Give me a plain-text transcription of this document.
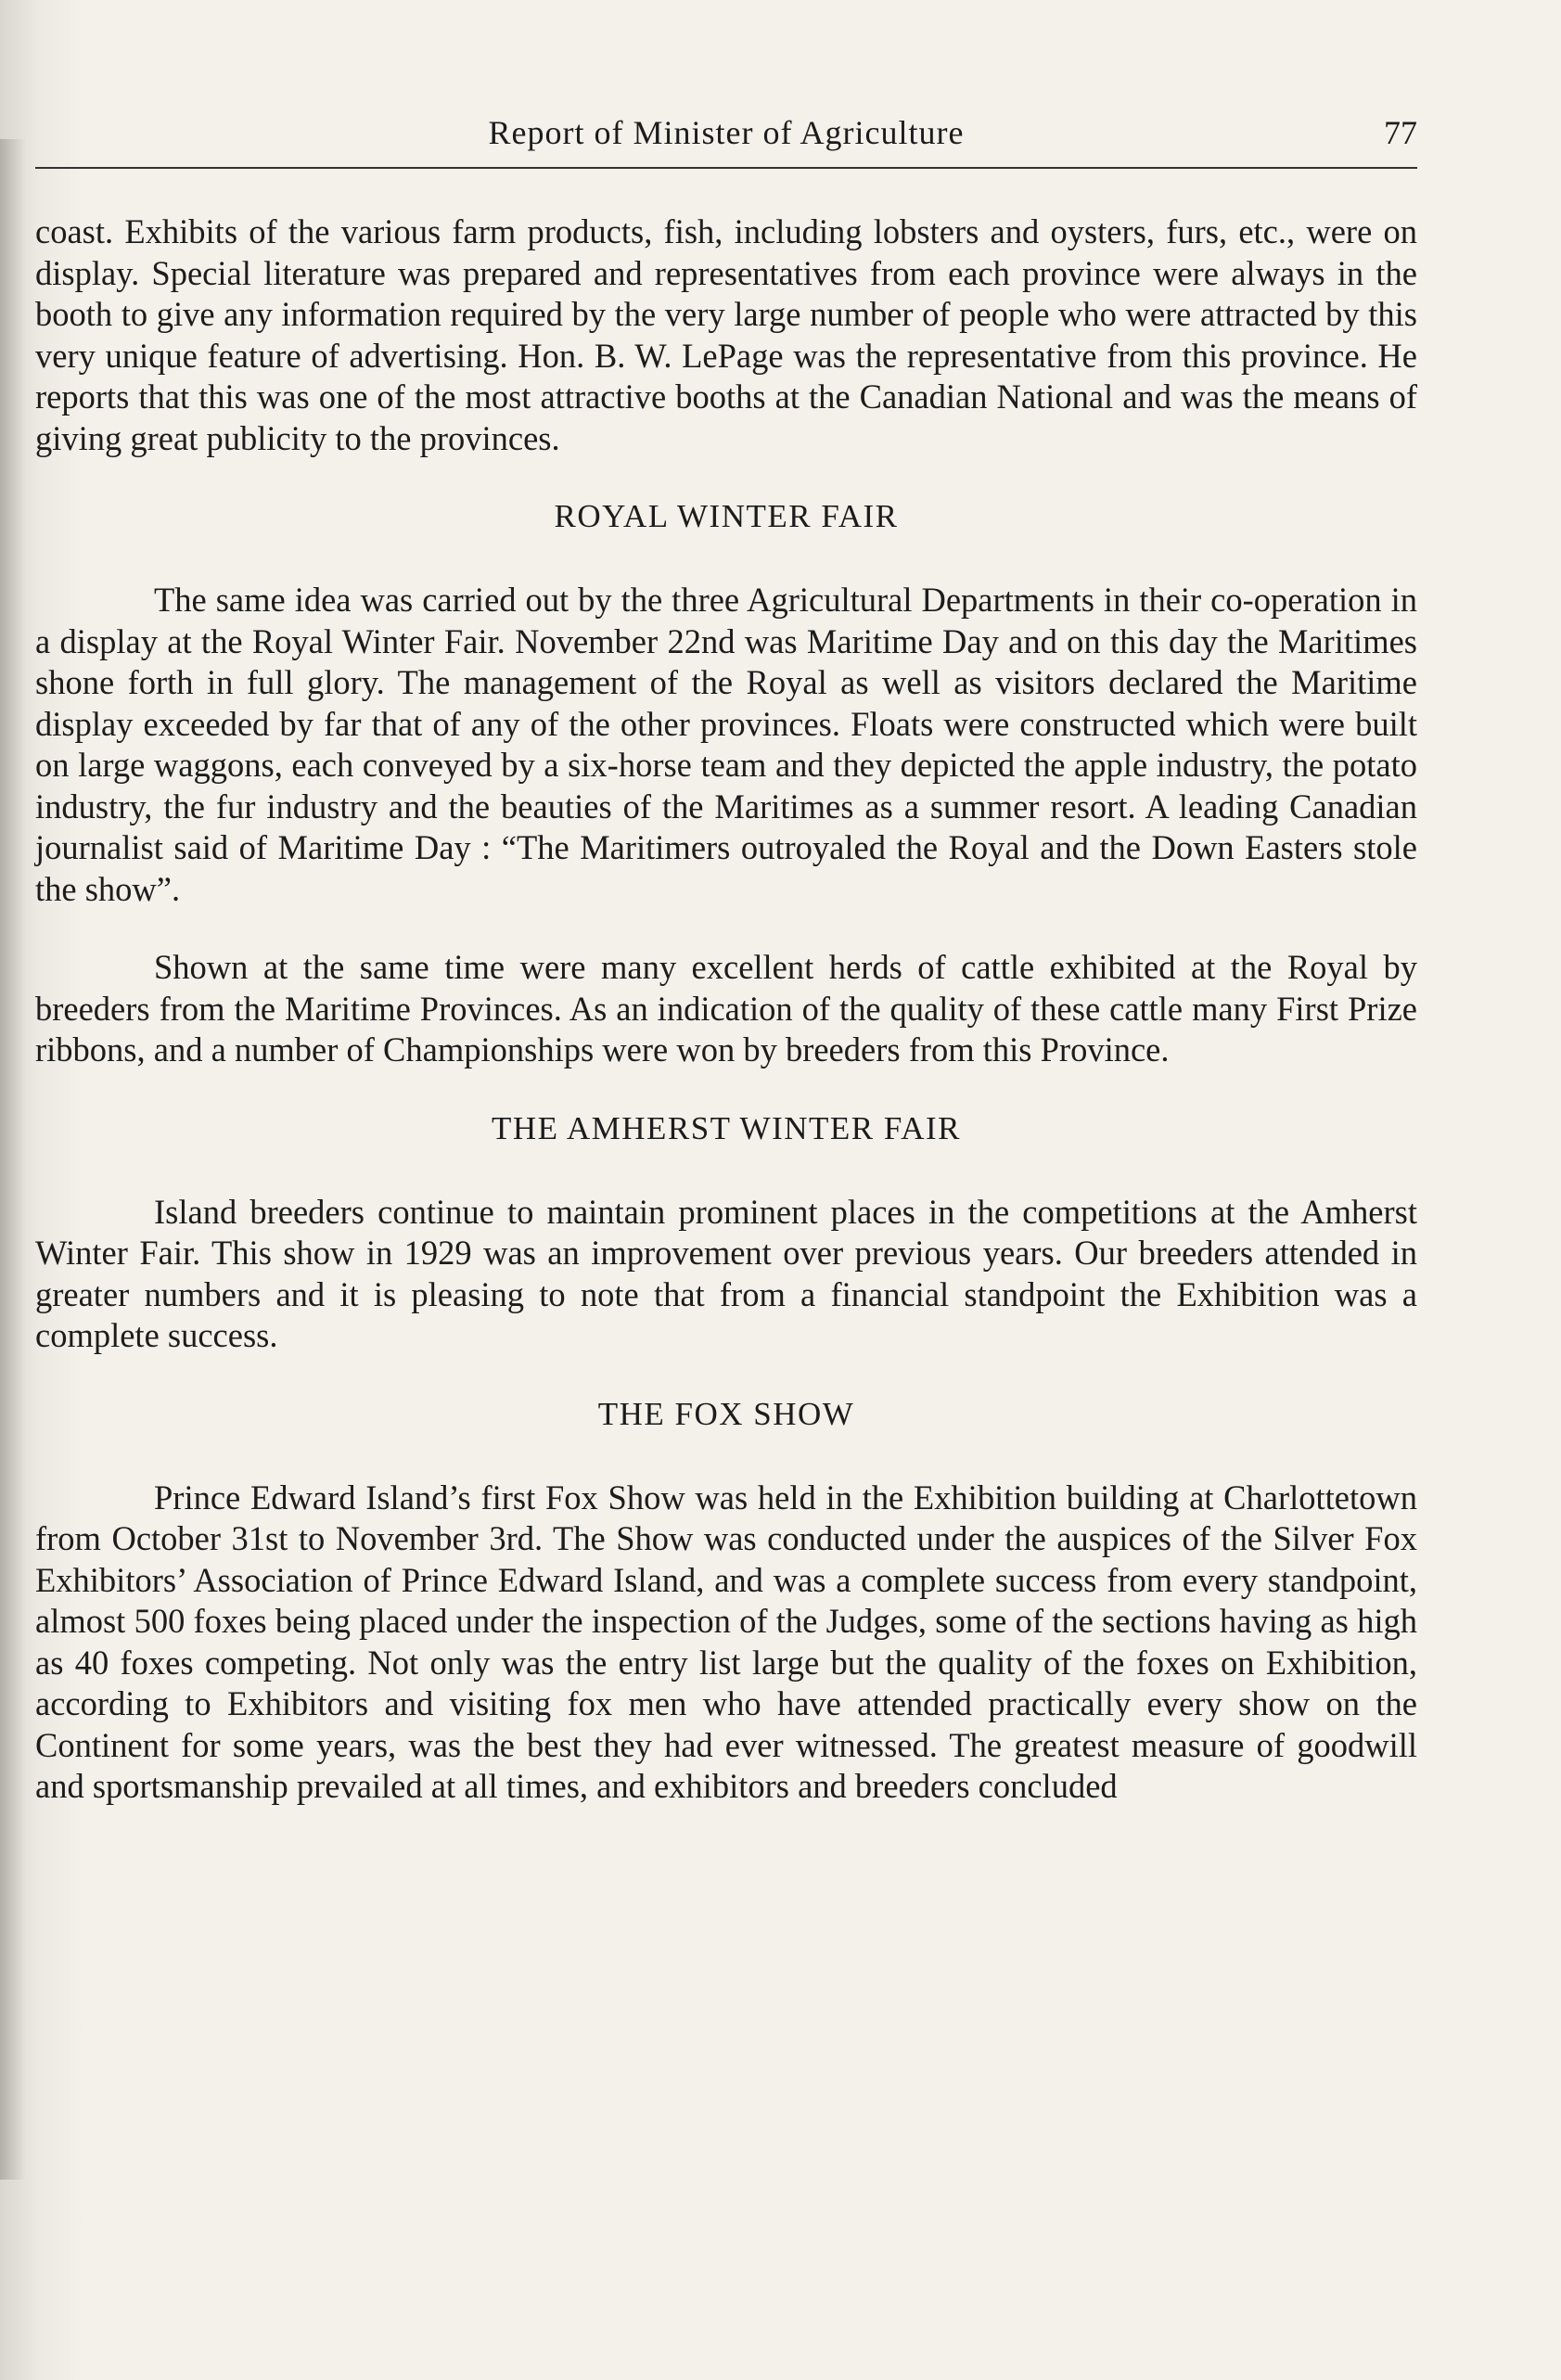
Report of Minister of Agriculture	77

coast. Exhibits of the various farm products, fish, including lobsters and oysters, furs, etc., were on display. Special literature was prepared and representatives from each province were always in the booth to give any information required by the very large number of people who were attracted by this very unique feature of advertising. Hon. B. W. LePage was the representative from this province. He reports that this was one of the most attractive booths at the Canadian National and was the means of giving great publicity to the provinces.

ROYAL WINTER FAIR

The same idea was carried out by the three Agricultural Departments in their co-operation in a display at the Royal Winter Fair. November 22nd was Maritime Day and on this day the Maritimes shone forth in full glory. The management of the Royal as well as visitors declared the Maritime display exceeded by far that of any of the other provinces. Floats were constructed which were built on large waggons, each conveyed by a six-horse team and they depicted the apple industry, the potato industry, the fur industry and the beauties of the Maritimes as a summer resort. A leading Canadian journalist said of Maritime Day : “The Maritimers outroyaled the Royal and the Down Easters stole the show”.

Shown at the same time were many excellent herds of cattle exhibited at the Royal by breeders from the Maritime Provinces. As an indication of the quality of these cattle many First Prize ribbons, and a number of Championships were won by breeders from this Province.

THE AMHERST WINTER FAIR

Island breeders continue to maintain prominent places in the competitions at the Amherst Winter Fair. This show in 1929 was an improvement over previous years. Our breeders attended in greater numbers and it is pleasing to note that from a financial standpoint the Exhibition was a complete success.

THE FOX SHOW

Prince Edward Island’s first Fox Show was held in the Exhibition building at Charlottetown from October 31st to November 3rd. The Show was conducted under the auspices of the Silver Fox Exhibitors’ Association of Prince Edward Island, and was a complete success from every standpoint, almost 500 foxes being placed under the inspection of the Judges, some of the sections having as high as 40 foxes competing. Not only was the entry list large but the quality of the foxes on Exhibition, according to Exhibitors and visiting fox men who have attended practically every show on the Continent for some years, was the best they had ever witnessed. The greatest measure of goodwill and sportsmanship prevailed at all times, and exhibitors and breeders concluded
